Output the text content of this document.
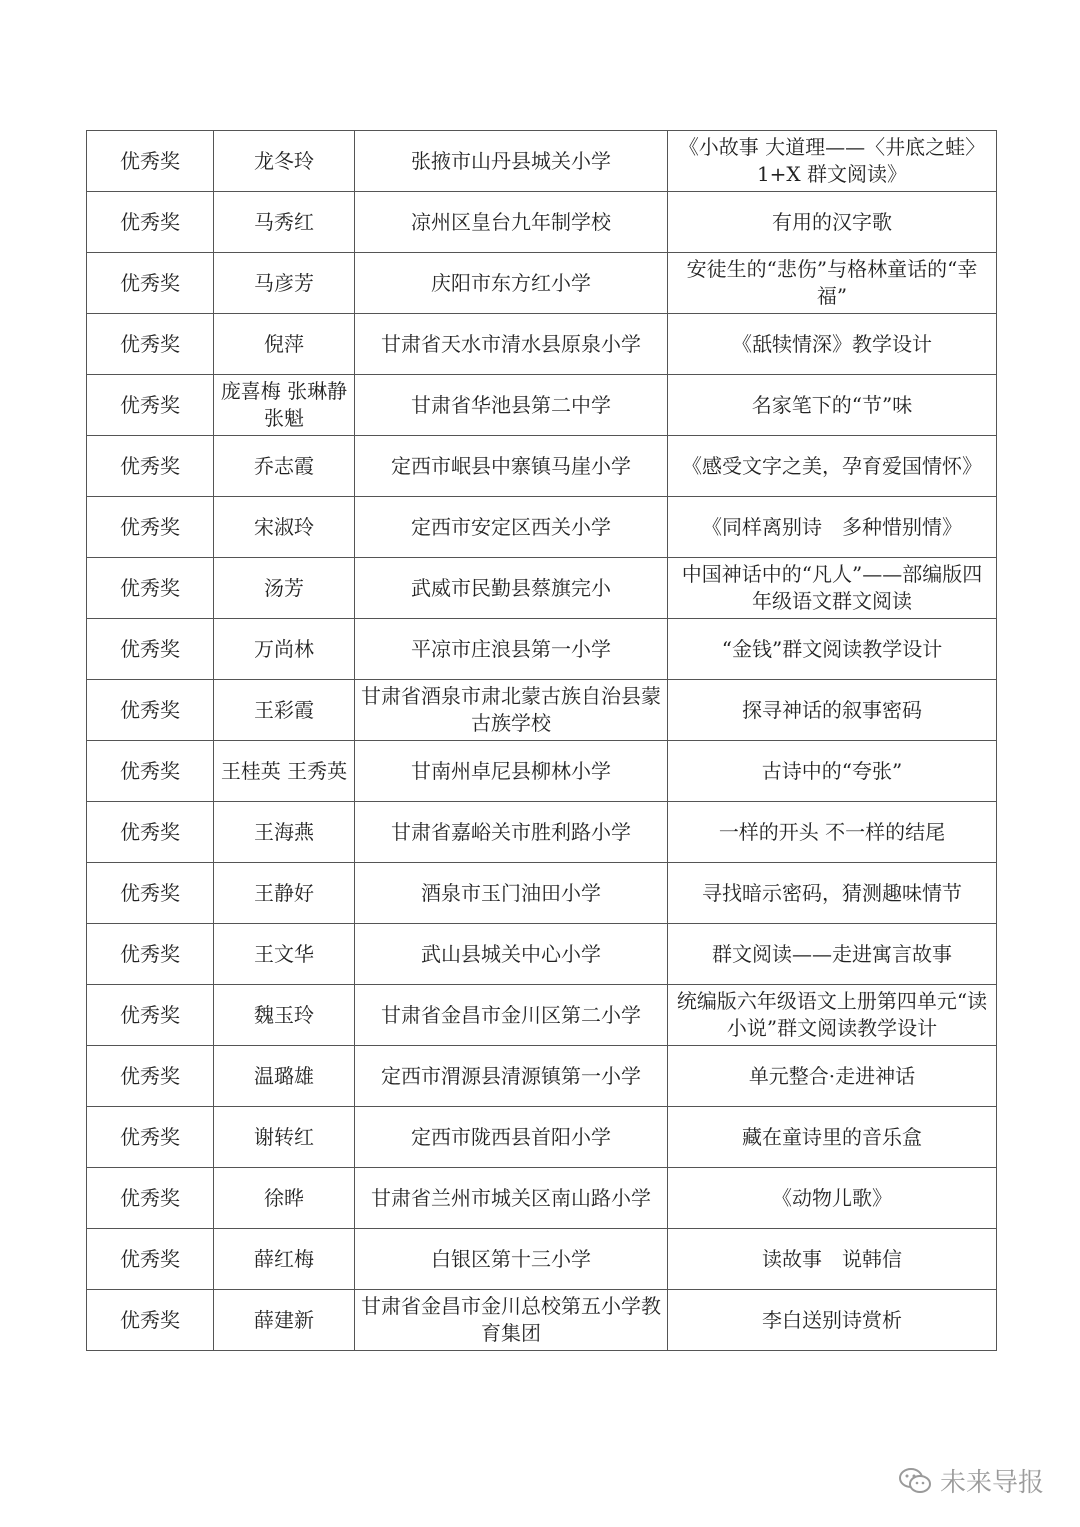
优秀奖	龙冬玲	张掖市山丹县城关小学	《小故事 大道理——〈井底之蛙〉1+X 群文阅读》

优秀奖	马秀红	凉州区皇台九年制学校	有用的汉字歌

优秀奖	马彦芳	庆阳市东方红小学	安徒生的“悲伤”与格林童话的“幸福”

优秀奖	倪萍	甘肃省天水市清水县原泉小学	《舐犊情深》教学设计

优秀奖	庞喜梅 张琳静 张魁	甘肃省华池县第二中学	名家笔下的“节”味

优秀奖	乔志霞	定西市岷县中寨镇马崖小学	《感受文字之美，孕育爱国情怀》

优秀奖	宋淑玲	定西市安定区西关小学	《同样离别诗　多种惜别情》

优秀奖	汤芳	武威市民勤县蔡旗完小	中国神话中的“凡人”——部编版四年级语文群文阅读

优秀奖	万尚林	平凉市庄浪县第一小学	“金钱”群文阅读教学设计

优秀奖	王彩霞	甘肃省酒泉市肃北蒙古族自治县蒙古族学校	探寻神话的叙事密码

优秀奖	王桂英 王秀英	甘南州卓尼县柳林小学	古诗中的“夸张”

优秀奖	王海燕	甘肃省嘉峪关市胜利路小学	一样的开头 不一样的结尾

优秀奖	王静好	酒泉市玉门油田小学	寻找暗示密码，猜测趣味情节

优秀奖	王文华	武山县城关中心小学	群文阅读——走进寓言故事

优秀奖	魏玉玲	甘肃省金昌市金川区第二小学	统编版六年级语文上册第四单元“读小说”群文阅读教学设计

优秀奖	温璐雄	定西市渭源县清源镇第一小学	单元整合·走进神话

优秀奖	谢转红	定西市陇西县首阳小学	藏在童诗里的音乐盒

优秀奖	徐晔	甘肃省兰州市城关区南山路小学	《动物儿歌》

优秀奖	薛红梅	白银区第十三小学	读故事　说韩信

优秀奖	薛建新	甘肃省金昌市金川总校第五小学教育集团	李白送别诗赏析
未来导报
